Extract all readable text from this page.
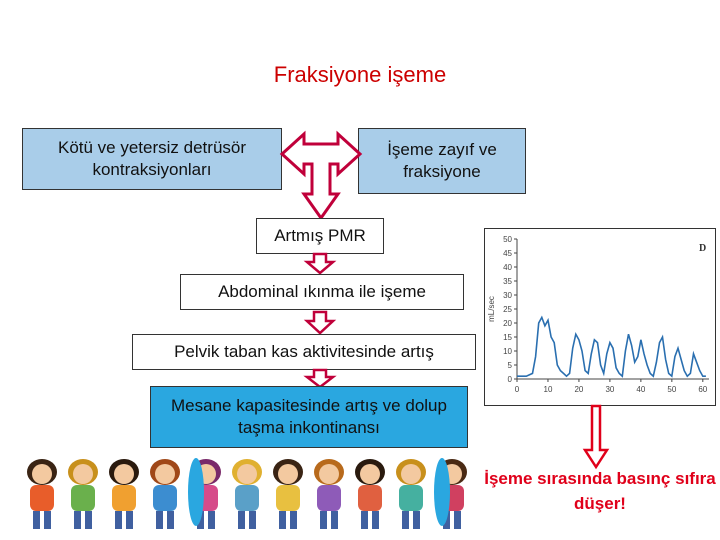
Fraksiyone işeme
Kötü ve yetersiz detrüsör kontraksiyonları
İşeme zayıf ve fraksiyone
Artmış PMR
Abdominal ıkınma ile işeme
Pelvik taban kas aktivitesinde artış
Mesane kapasitesinde artış ve dolup taşma inkontinansı
50
45
40
35
30
25
20
15
10
5
0
0	10	20	30	40	50	60
mL/sec
D
İşeme sırasında basınç sıfıra düşer!
